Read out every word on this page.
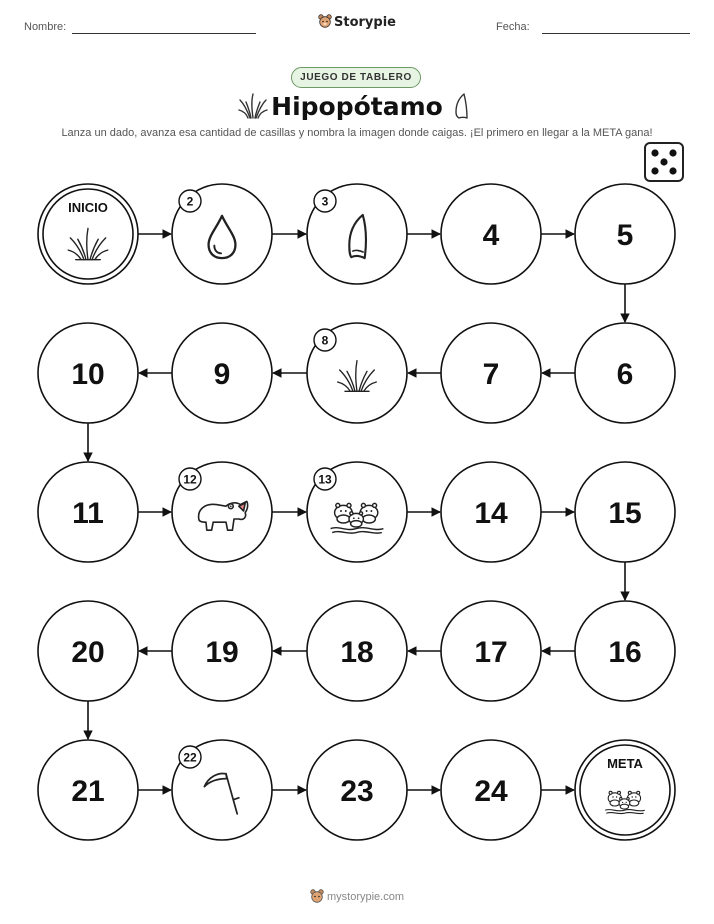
Nombre:	Storypie	Fecha:
JUEGO DE TABLERO
Hipopótamo
Lanza un dado, avanza esa cantidad de casillas y nombra la imagen donde caigas. ¡El primero en llegar a la META gana!
INICIO	2	3
4	5
6
7
8
9
10
11
12	13
14	15
16
17
18
19
20
21
22
23	24
META
mystorypie.com
